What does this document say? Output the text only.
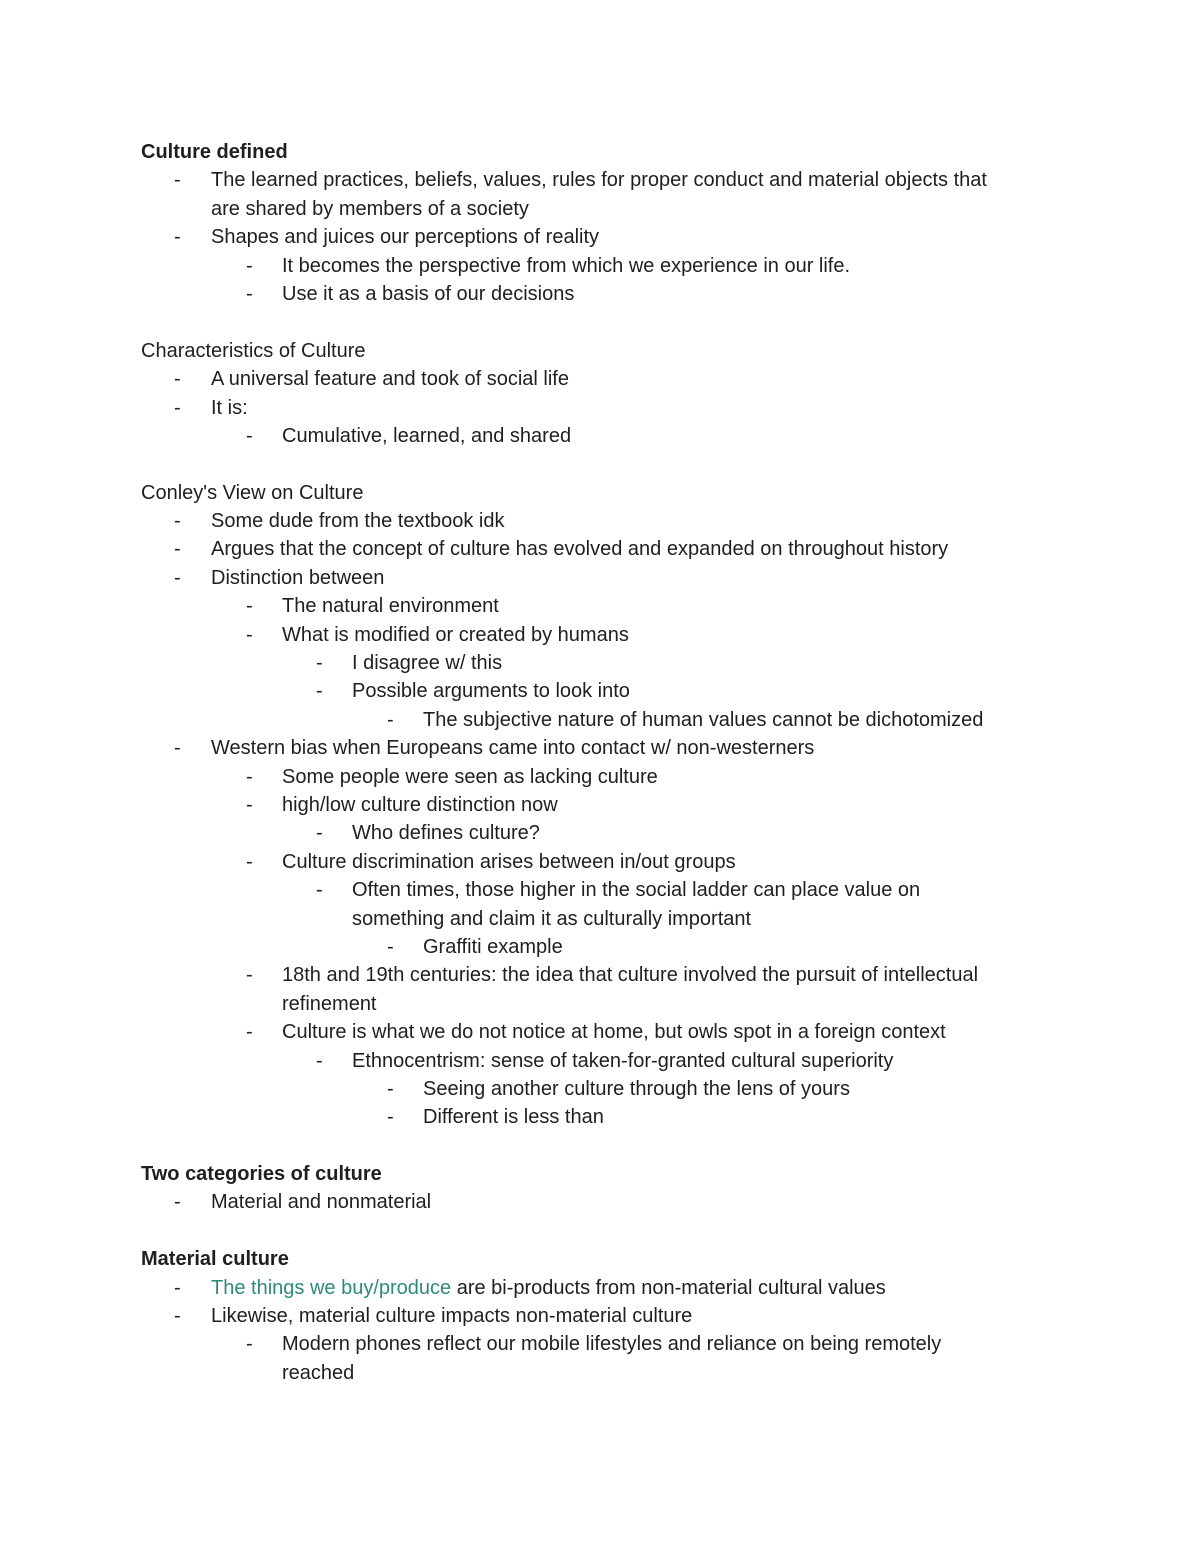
Culture defined
- The learned practices, beliefs, values, rules for proper conduct and material objects that
are shared by members of a society
- Shapes and juices our perceptions of reality
- It becomes the perspective from which we experience in our life.
- Use it as a basis of our decisions
Characteristics of Culture
- A universal feature and took of social life
- It is:
- Cumulative, learned, and shared
Conley's View on Culture
- Some dude from the textbook idk
- Argues that the concept of culture has evolved and expanded on throughout history
- Distinction between
- The natural environment
- What is modified or created by humans
- I disagree w/ this
- Possible arguments to look into
- The subjective nature of human values cannot be dichotomized
- Western bias when Europeans came into contact w/ non-westerners
- Some people were seen as lacking culture
- high/low culture distinction now
- Who defines culture?
- Culture discrimination arises between in/out groups
- Often times, those higher in the social ladder can place value on
something and claim it as culturally important
- Graffiti example
- 18th and 19th centuries: the idea that culture involved the pursuit of intellectual
refinement
- Culture is what we do not notice at home, but owls spot in a foreign context
- Ethnocentrism: sense of taken-for-granted cultural superiority
- Seeing another culture through the lens of yours
- Different is less than
Two categories of culture
- Material and nonmaterial
Material culture
- The things we buy/produce are bi-products from non-material cultural values
- Likewise, material culture impacts non-material culture
- Modern phones reflect our mobile lifestyles and reliance on being remotely
reached
